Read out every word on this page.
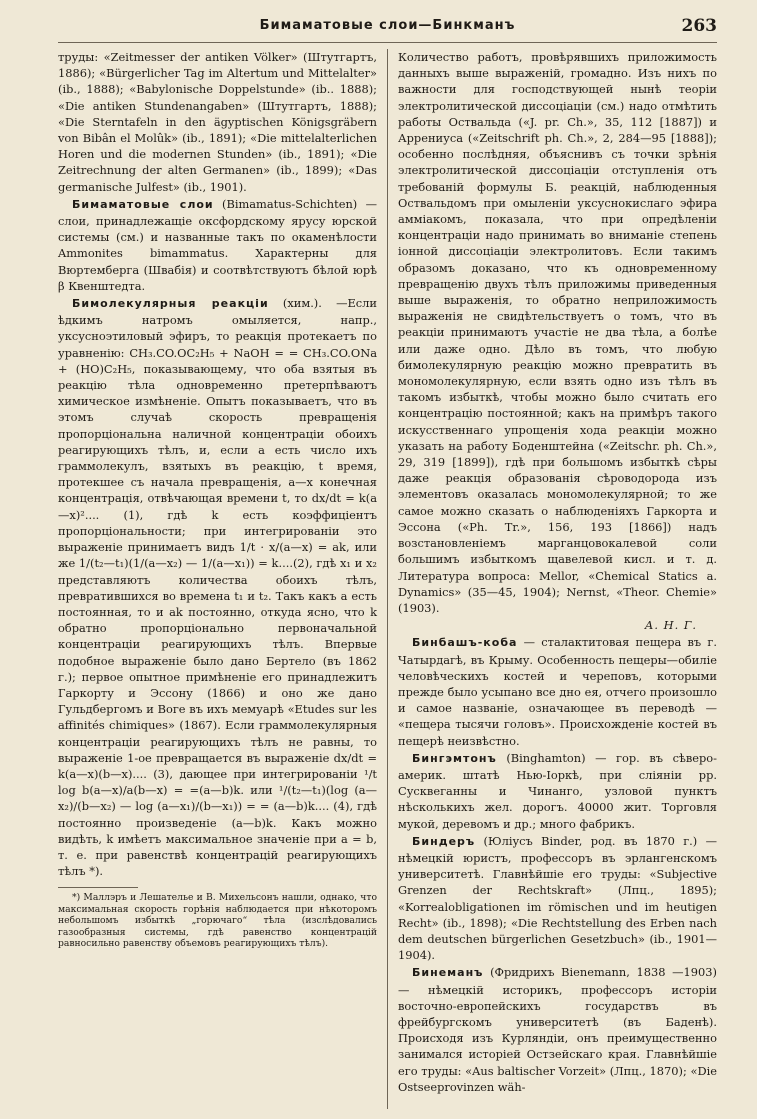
Бимаматовые слои—Бинкманъ	263

труды: «Zeitmesser der antiken Völker» (Штутгартъ, 1886); «Bürgerlicher Tag im Altertum und Mittelalter» (ib., 1888); «Babylonische Doppelstunde» (ib.. 1888); «Die antiken Stundenangaben» (Штутгартъ, 1888); «Die Sterntafeln in den ägyptischen Königsgräbern von Bibân el Molûk» (ib., 1891); «Die mittelalterlichen Horen und die modernen Stunden» (ib., 1891); «Die Zeitrechnung der alten Germanen» (ib., 1899); «Das germanische Julfest» (ib., 1901).

Бимаматовые слои (Bimamatus-Schichten) — слои, принадлежащіе оксфордскому ярусу юрской системы (см.) и названные такъ по окаменѣлости Ammonites bimammatus. Характерны для Вюртемберга (Швабія) и соотвѣтствуютъ бѣлой юрѣ β Квенштедта.

Бимолекулярныя реакціи (хим.). —Если ѣдкимъ натромъ омыляется, напр., уксусноэтиловый эфиръ, то реакція протекаетъ по уравненію: CH₃.CO.OC₂H₅ + NaOH = = CH₃.CO.ONa + (HO)C₂H₅, показывающему, что оба взятыя въ реакцію тѣла одновременно претерпѣваютъ химическое измѣненіе. Опытъ показываетъ, что въ этомъ случаѣ скорость превращенія пропорціональна наличной концентраціи обоихъ реагирующихъ тѣлъ, и, если a есть число ихъ граммолекулъ, взятыхъ въ реакцію, t время, протекшее съ начала превращенія, a—x конечная концентрація, отвѣчающая времени t, то dx/dt = k(a—x)².... (1), гдѣ k есть коэффиціентъ пропорціональности; при интегрированіи это выраженіе принимаетъ видъ 1/t · x/(a—x) = ak, или же 1/(t₂—t₁)(1/(a—x₂) — 1/(a—x₁)) = k....(2), гдѣ x₁ и x₂ представляютъ количества обоихъ тѣлъ, превратившихся во времена t₁ и t₂. Такъ какъ a есть постоянная, то и ak постоянно, откуда ясно, что k обратно пропорціонально первоначальной концентраціи реагирующихъ тѣлъ. Впервые подобное выраженіе было дано Бертело (въ 1862 г.); первое опытное примѣненіе его принадлежитъ Гаркорту и Эссону (1866) и оно же дано Гульдбергомъ и Воге въ ихъ мемуарѣ «Etudes sur les affinités chimiques» (1867). Если граммолекулярныя концентраціи реагирующихъ тѣлъ не равны, то выраженіе 1-ое превращается въ выраженіе dx/dt = k(a—x)(b—x).... (3), дающее при интегрированіи ¹/t log b(a—x)/a(b—x) = =(a—b)k. или ¹/(t₂—t₁)(log (a—x₂)/(b—x₂) — log (a—x₁)/(b—x₁)) = = (a—b)k.... (4), гдѣ постоянно произведеніе (a—b)k. Какъ можно видѣть, k имѣетъ максимальное значеніе при a = b, т. е. при равенствѣ концентрацій реагирующихъ тѣлъ *).

*) Маллэръ и Лешателье и В. Михельсонъ нашли, однако, что максимальная скорость горѣнія наблюдается при нѣкоторомъ небольшомъ избыткѣ „горючаго“ тѣла (изслѣдовались газообразныя системы, гдѣ равенство концентрацій равносильно равенству объемовъ реагирующихъ тѣлъ).

Количество работъ, провѣрявшихъ приложимость данныхъ выше выраженій, громадно. Изъ нихъ по важности для господствующей нынѣ теоріи электролитической диссоціаціи (см.) надо отмѣтить работы Оствальда («J. pr. Ch.», 35, 112 [1887]) и Аррениуса («Zeitschrift ph. Ch.», 2, 284—95 [1888]); особенно послѣдняя, объяснивъ съ точки зрѣнія электролитической диссоціаціи отступленія отъ требованій формулы Б. реакцій, наблюденныя Оствальдомъ при омыленіи уксуснокислаго эфира амміакомъ, показала, что при опредѣленіи концентраціи надо принимать во вниманіе степень іонной диссоціаціи электролитовъ. Если такимъ образомъ доказано, что къ одновременному превращенію двухъ тѣлъ приложимы приведенныя выше выраженія, то обратно неприложимость выраженія не свидѣтельствуетъ о томъ, что въ реакціи принимаютъ участіе не два тѣла, а болѣе или даже одно. Дѣло въ томъ, что любую бимолекулярную реакцію можно превратить въ мономолекулярную, если взять одно изъ тѣлъ въ такомъ избыткѣ, чтобы можно было считать его концентрацію постоянной; какъ на примѣръ такого искусственнаго упрощенія хода реакціи можно указать на работу Боденштейна («Zeitschr. ph. Ch.», 29, 319 [1899]), гдѣ при большомъ избыткѣ сѣры даже реакція образованія сѣроводорода изъ элементовъ оказалась мономолекулярной; то же самое можно сказать о наблюденіяхъ Гаркорта и Эссона («Ph. Tr.», 156, 193 [1866]) надъ возстановленіемъ марганцовокалевой соли большимъ избыткомъ щавелевой кисл. и т. д. Литература вопроса: Mellor, «Chemical Statics a. Dynamics» (35—45, 1904); Nernst, «Theor. Chemie» (1903).

А. Н. Г.

Бинбашъ-коба — сталактитовая пещера въ г. Чатырдагѣ, въ Крыму. Особенность пещеры—обиліе человѣческихъ костей и череповъ, которыми прежде было усыпано все дно ея, отчего произошло и самое названіе, означающее въ переводѣ — «пещера тысячи головъ». Происхожденіе костей въ пещерѣ неизвѣстно.

Бингэмтонъ (Binghamton) — гор. въ сѣверо-америк. штатѣ Нью-Іоркѣ, при сліяніи рр. Сусквеганны и Чинанго, узловой пунктъ нѣсколькихъ жел. дорогъ. 40000 жит. Торговля мукой, деревомъ и др.; много фабрикъ.

Биндеръ (Юліусъ Binder, род. въ 1870 г.) —нѣмецкій юристъ, профессоръ въ эрлангенскомъ университетѣ. Главнѣйшіе его труды: «Subjective Grenzen der Rechtskraft» (Лпц., 1895); «Korrealobligationen im römischen und im heutigen Recht» (ib., 1898); «Die Rechtstellung des Erben nach dem deutschen bürgerlichen Gesetzbuch» (ib., 1901—1904).

Бинеманъ (Фридрихъ Bienemann, 1838 —1903) — нѣмецкій историкъ, профессоръ исторіи восточно-европейскихъ государствъ въ фрейбургскомъ университетѣ (въ Баденѣ). Происходя изъ Курляндіи, онъ преимущественно занимался исторіей Остзейскаго края. Главнѣйшіе его труды: «Aus baltischer Vorzeit» (Лпц., 1870); «Die Ostseeprovinzen wäh-
